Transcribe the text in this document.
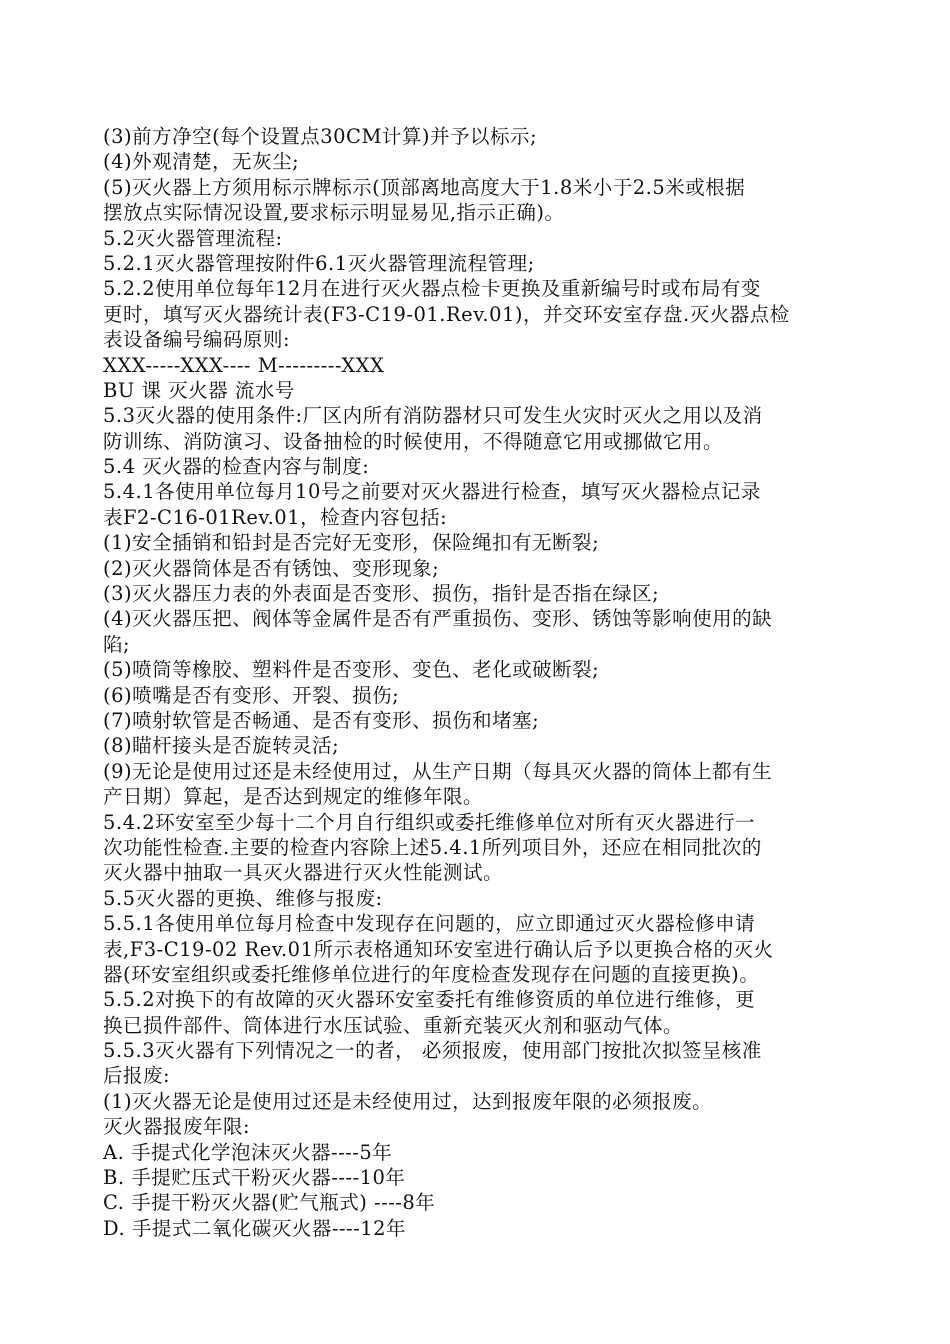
(3)前方净空(每个设置点30CM计算)并予以标示;
(4)外观清楚，无灰尘;
(5)灭火器上方须用标示牌标示(顶部离地高度大于1.8米小于2.5米或根据
摆放点实际情况设置,要求标示明显易见,指示正确)。
5.2灭火器管理流程:
5.2.1灭火器管理按附件6.1灭火器管理流程管理;
5.2.2使用单位每年12月在进行灭火器点检卡更换及重新编号时或布局有变
更时，填写灭火器统计表(F3-C19-01.Rev.01)，并交环安室存盘.灭火器点检
表设备编号编码原则:
XXX-----XXX---- M---------XXX
BU 课 灭火器 流水号
5.3灭火器的使用条件:厂区内所有消防器材只可发生火灾时灭火之用以及消
防训练、消防演习、设备抽检的时候使用，不得随意它用或挪做它用。
5.4 灭火器的检查内容与制度:
5.4.1各使用单位每月10号之前要对灭火器进行检查，填写灭火器检点记录
表F2-C16-01Rev.01，检查内容包括:
(1)安全插销和铅封是否完好无变形，保险绳扣有无断裂;
(2)灭火器筒体是否有锈蚀、变形现象;
(3)灭火器压力表的外表面是否变形、损伤，指针是否指在绿区;
(4)灭火器压把、阀体等金属件是否有严重损伤、变形、锈蚀等影响使用的缺
陷;
(5)喷筒等橡胶、塑料件是否变形、变色、老化或破断裂;
(6)喷嘴是否有变形、开裂、损伤;
(7)喷射软管是否畅通、是否有变形、损伤和堵塞;
(8)瞄杆接头是否旋转灵活;
(9)无论是使用过还是未经使用过，从生产日期（每具灭火器的筒体上都有生
产日期）算起，是否达到规定的维修年限。
5.4.2环安室至少每十二个月自行组织或委托维修单位对所有灭火器进行一
次功能性检查.主要的检查内容除上述5.4.1所列项目外，还应在相同批次的
灭火器中抽取一具灭火器进行灭火性能测试。
5.5灭火器的更换、维修与报废:
5.5.1各使用单位每月检查中发现存在问题的，应立即通过灭火器检修申请
表,F3-C19-02 Rev.01所示表格通知环安室进行确认后予以更换合格的灭火
器(环安室组织或委托维修单位进行的年度检查发现存在问题的直接更换)。
5.5.2对换下的有故障的灭火器环安室委托有维修资质的单位进行维修，更
换已损件部件、筒体进行水压试验、重新充装灭火剂和驱动气体。
5.5.3灭火器有下列情况之一的者， 必须报废，使用部门按批次拟签呈核准
后报废:
(1)灭火器无论是使用过还是未经使用过，达到报废年限的必须报废。
灭火器报废年限:
A. 手提式化学泡沫灭火器----5年
B. 手提贮压式干粉灭火器----10年
C. 手提干粉灭火器(贮气瓶式) ----8年
D. 手提式二氧化碳灭火器----12年
